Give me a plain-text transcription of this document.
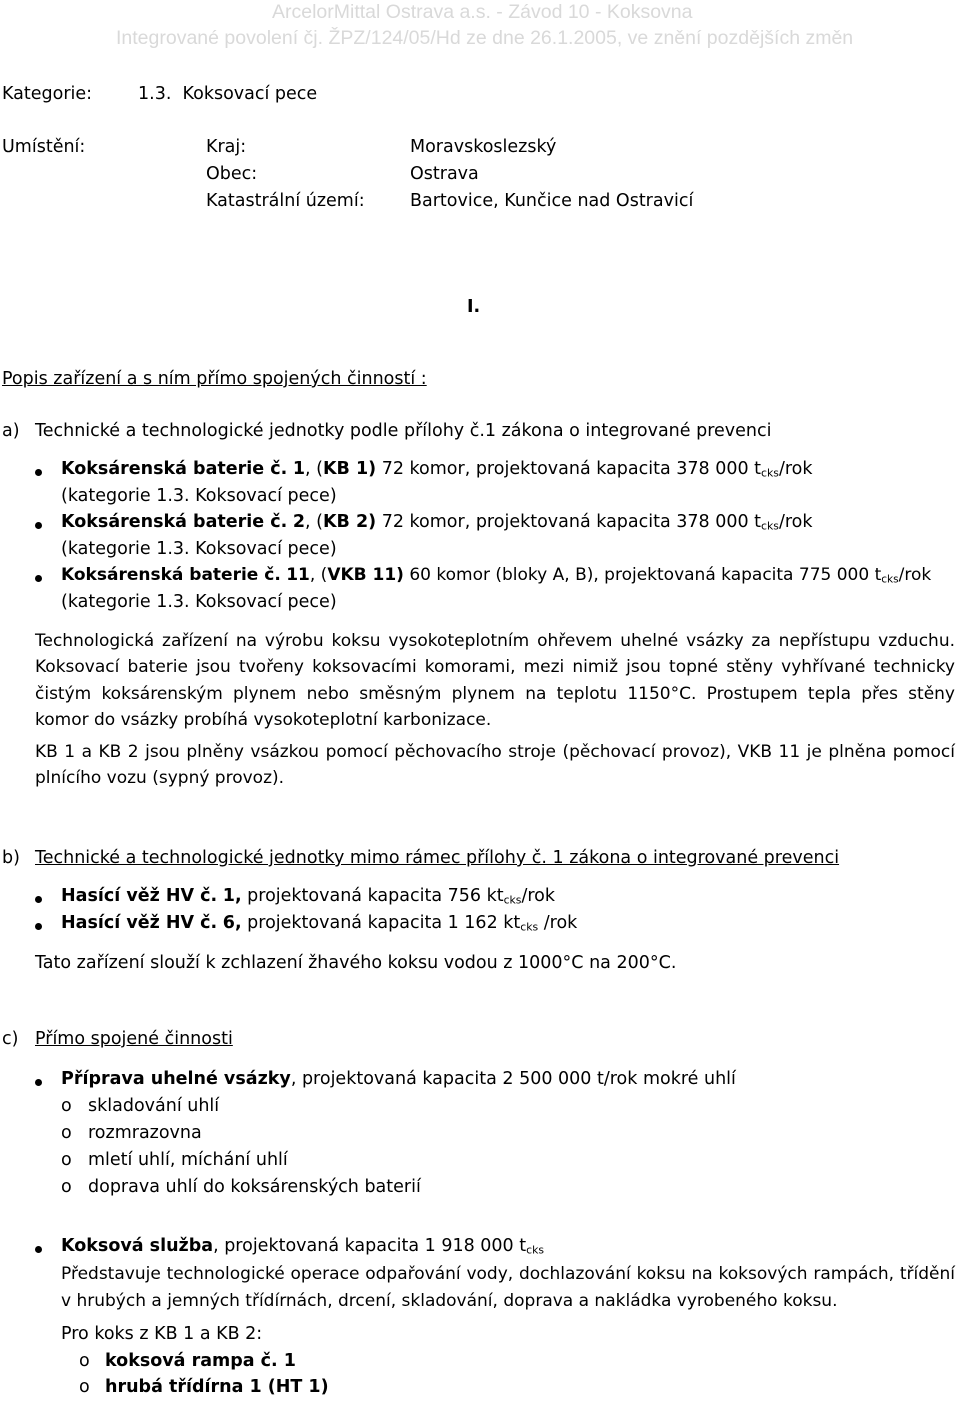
ArcelorMittal Ostrava a.s. - Závod 10 - Koksovna
Integrované povolení čj. ŽPZ/124/05/Hd ze dne 26.1.2005, ve znění pozdějších změn
Kategorie:	1.3.  Koksovací pece
Umístění:	Kraj:	Moravskoslezský
Obec:	Ostrava
Katastrální území:	Bartovice, Kunčice nad Ostravicí
I.
Popis zařízení a s ním přímo spojených činností :
a) Technické a technologické jednotky podle přílohy č.1 zákona o integrované prevenci
Koksárenská baterie č. 1, (KB 1) 72 komor, projektovaná kapacita 378 000 $t_{cks}$/rok
(kategorie 1.3. Koksovací pece)
Koksárenská baterie č. 2, (KB 2) 72 komor, projektovaná kapacita 378 000 $t_{cks}$/rok
(kategorie 1.3. Koksovací pece)
Koksárenská baterie č. 11, (VKB 11) 60 komor (bloky A, B), projektovaná kapacita 775 000 $t_{cks}$/rok
(kategorie 1.3. Koksovací pece)
Technologická zařízení na výrobu koksu vysokoteplotním ohřevem uhelné vsázky za nepřístupu vzduchu. Koksovací baterie jsou tvořeny koksovacími komorami, mezi nimiž jsou topné stěny vyhřívané technicky čistým koksárenským plynem nebo směsným plynem na teplotu 1150°C. Prostupem tepla přes stěny komor do vsázky probíhá vysokoteplotní karbonizace.
KB 1 a KB 2 jsou plněny vsázkou pomocí pěchovacího stroje (pěchovací provoz), VKB 11 je plněna pomocí plnícího vozu (sypný provoz).
b) Technické a technologické jednotky mimo rámec přílohy č. 1 zákona o integrované prevenci
Hasící věž HV č. 1, projektovaná kapacita 756 $kt_{cks}$/rok
Hasící věž HV č. 6, projektovaná kapacita 1 162 $kt_{cks}$ /rok
Tato zařízení slouží k zchlazení žhavého koksu vodou z 1000°C na 200°C.
c) Přímo spojené činnosti
Příprava uhelné vsázky, projektovaná kapacita 2 500 000 t/rok mokré uhlí
o skladování uhlí
o rozmrazovna
o mletí uhlí, míchání uhlí
o doprava uhlí do koksárenských baterií
Koksová služba, projektovaná kapacita 1 918 000 $t_{cks}$
Představuje technologické operace odpařování vody, dochlazování koksu na koksových rampách, třídění v hrubých a jemných třídírnách, drcení, skladování, doprava a nakládka vyrobeného koksu.
Pro koks z KB 1 a KB 2:
o koksová rampa č. 1
o hrubá třídírna 1 (HT 1)
